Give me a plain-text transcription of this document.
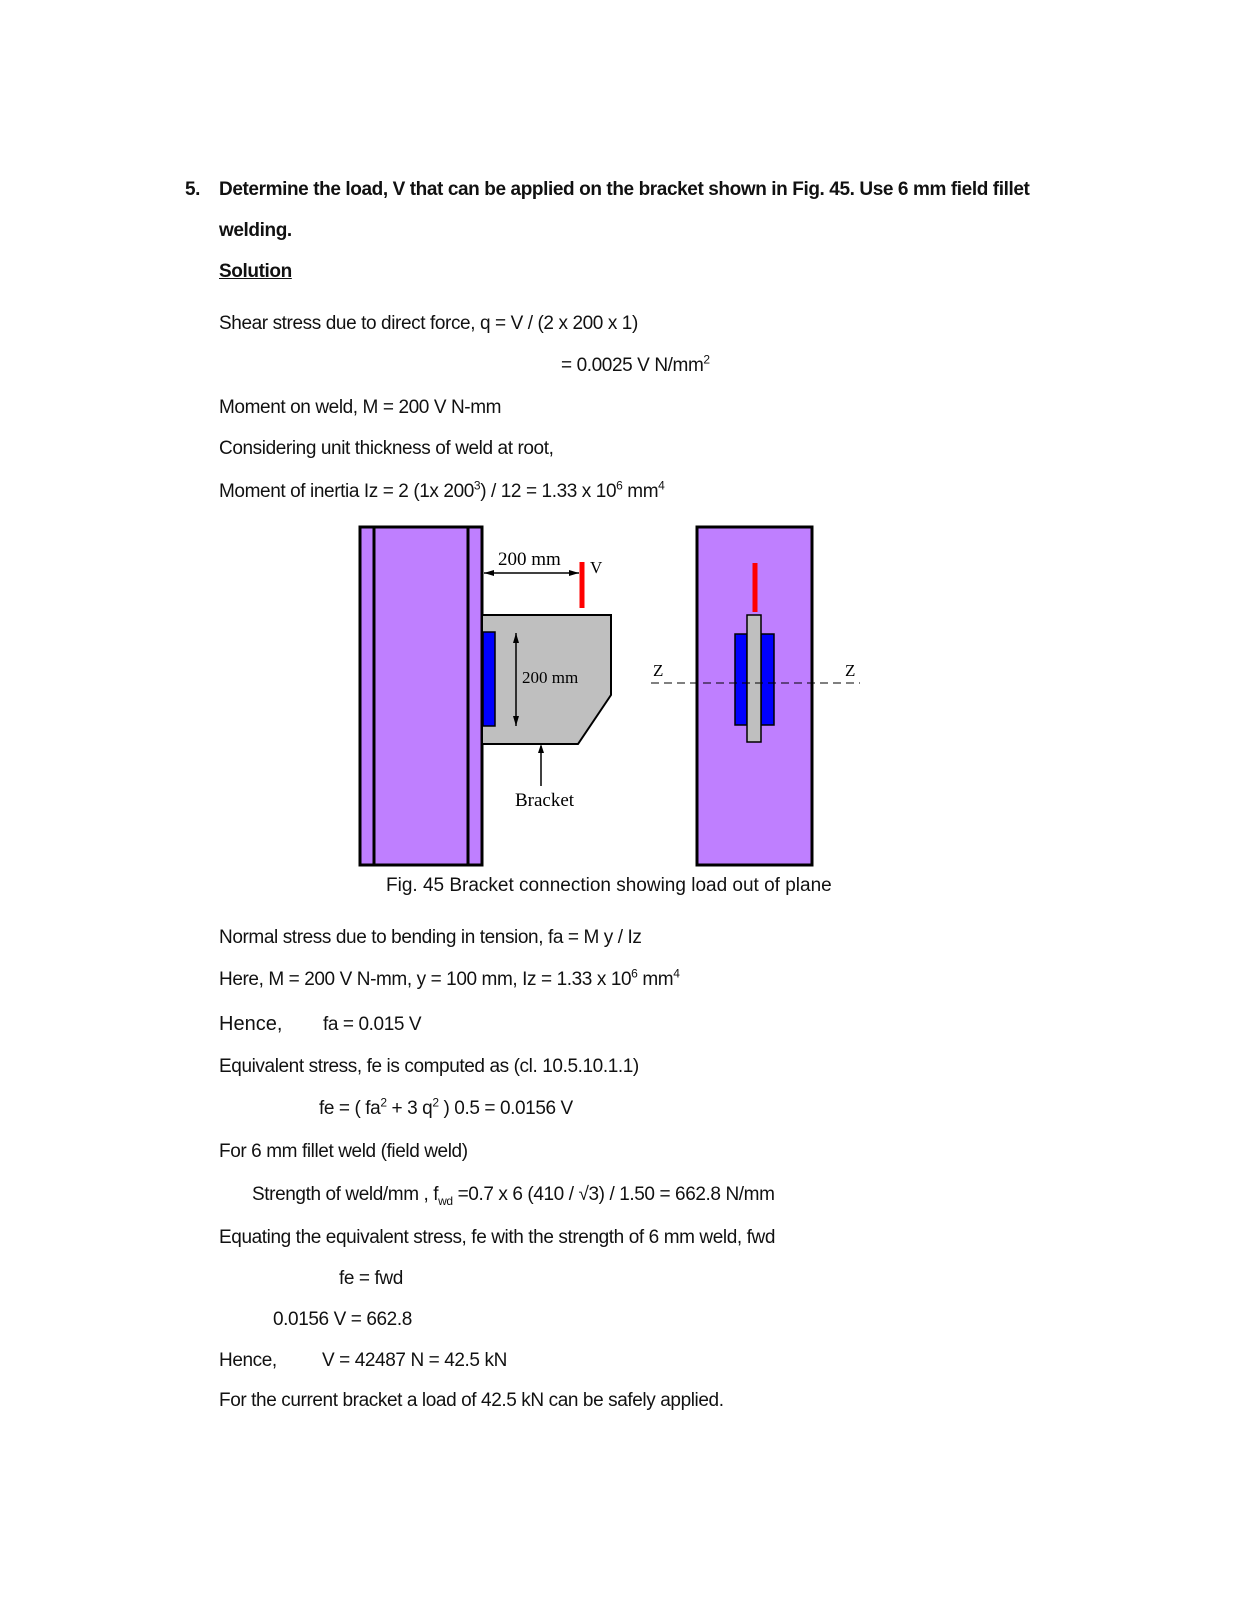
5. Determine the load, V that can be applied on the bracket shown in Fig. 45. Use 6 mm field fillet
welding.
Solution
Shear stress due to direct force, q = V / (2 x 200 x 1)
= 0.0025 V $N/mm^2$
Moment on weld, M = 200 V N-mm
Considering unit thickness of weld at root,
Moment of inertia Iz = 2 (1x $200^3) / 12 = 1.33$ x $10^6$ $mm^4$
200 mm V
200 mm
Bracket
Z	Z
Fig. 45 Bracket connection showing load out of plane
Normal stress due to bending in tension, fa = M y / Iz
Here, M = 200 V N-mm, y = 100 mm, Iz = 1.33 x $10^6$ $mm^4$
Hence, fa = 0.015 V
Equivalent stress, fe is computed as (cl. 10.5.10.1.1)
fe = ( $fa^2 + 3$ $q^2$ ) 0.5 = 0.0156 V
For 6 mm fillet weld (field weld)
Strength of weld/mm , $f_{wd} =0.7$ x 6 (410 / √3) / 1.50 = 662.8 N/mm
Equating the equivalent stress, fe with the strength of 6 mm weld, fwd
fe = fwd
0.0156 V = 662.8
Hence, V = 42487 N = 42.5 kN
For the current bracket a load of 42.5 kN can be safely applied.
